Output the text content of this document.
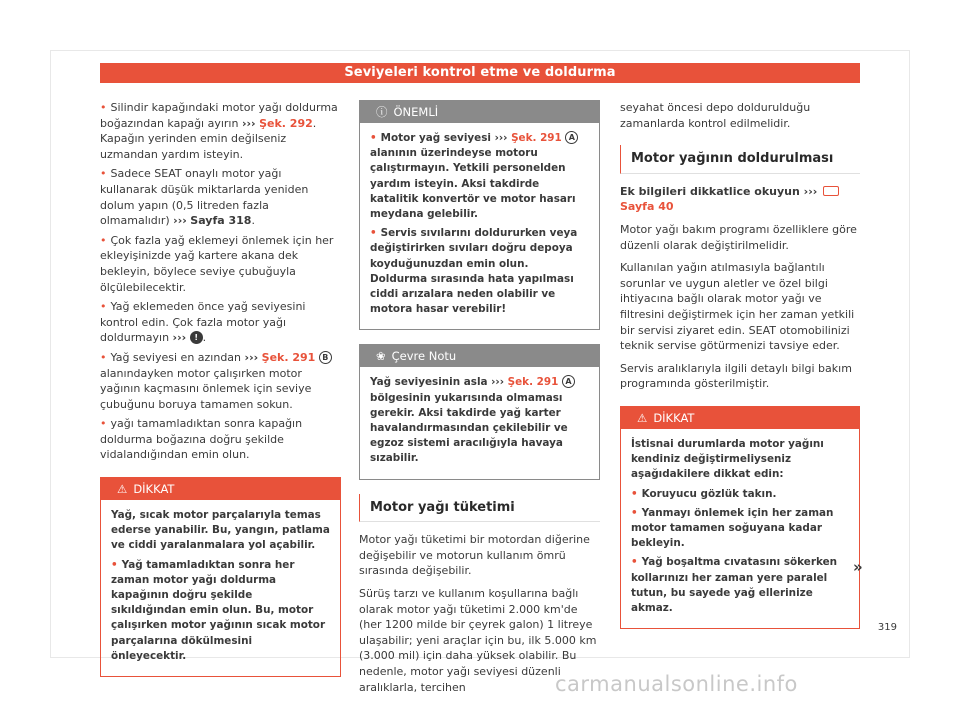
Seviyeleri kontrol etme ve doldurma
• Silindir kapağındaki motor yağı doldurma boğazından kapağı ayırın ››› Şek. 292. Kapağın yerinden emin değilseniz uzmandan yardım isteyin.
• Sadece SEAT onaylı motor yağı kullanarak düşük miktarlarda yeniden dolum yapın (0,5 litreden fazla olmamalıdır) ››› Sayfa 318.
• Çok fazla yağ eklemeyi önlemek için her ekleyişinizde yağ kartere akana dek bekleyin, böylece seviye çubuğuyla ölçülebilecektir.
• Yağ eklemeden önce yağ seviyesini kontrol edin. Çok fazla motor yağı doldurmayın ››› ! .
• Yağ seviyesi en azından ››› Şek. 291 B alanındayken motor çalışırken motor yağının kaçmasını önlemek için seviye çubuğunu boruya tamamen sokun.
• yağı tamamladıktan sonra kapağın doldurma boğazına doğru şekilde vidalandığından emin olun.
⚠ DİKKAT
Yağ, sıcak motor parçalarıyla temas ederse yanabilir. Bu, yangın, patlama ve ciddi yaralanmalara yol açabilir.
• Yağ tamamladıktan sonra her zaman motor yağı doldurma kapağının doğru şekilde sıkıldığından emin olun. Bu, motor çalışırken motor yağının sıcak motor parçalarına dökülmesini önleyecektir.
ⓘ ÖNEMLİ
• Motor yağ seviyesi ››› Şek. 291 A alanının üzerindeyse motoru çalıştırmayın. Yetkili personelden yardım isteyin. Aksi takdirde katalitik konvertör ve motor hasarı meydana gelebilir.
• Servis sıvılarını doldururken veya değiştirirken sıvıları doğru depoya koyduğunuzdan emin olun. Doldurma sırasında hata yapılması ciddi arızalara neden olabilir ve motora hasar verebilir!
❀ Çevre Notu
Yağ seviyesinin asla ››› Şek. 291 A bölgesinin yukarısında olmaması gerekir. Aksi takdirde yağ karter havalandırmasından çekilebilir ve egzoz sistemi aracılığıyla havaya sızabilir.
Motor yağı tüketimi
Motor yağı tüketimi bir motordan diğerine değişebilir ve motorun kullanım ömrü sırasında değişebilir.
Sürüş tarzı ve kullanım koşullarına bağlı olarak motor yağı tüketimi 2.000 km'de (her 1200 milde bir çeyrek galon) 1 litreye ulaşabilir; yeni araçlar için bu, ilk 5.000 km (3.000 mil) için daha yüksek olabilir. Bu nedenle, motor yağı seviyesi düzenli aralıklarla, tercihen
seyahat öncesi depo doldurulduğu zamanlarda kontrol edilmelidir.
Motor yağının doldurulması
Ek bilgileri dikkatlice okuyun ›››  Sayfa 40
Motor yağı bakım programı özelliklere göre düzenli olarak değiştirilmelidir.
Kullanılan yağın atılmasıyla bağlantılı sorunlar ve uygun aletler ve özel bilgi ihtiyacına bağlı olarak motor yağı ve filtresini değiştirmek için her zaman yetkili bir servisi ziyaret edin. SEAT otomobilinizi teknik servise götürmenizi tavsiye eder.
Servis aralıklarıyla ilgili detaylı bilgi bakım programında gösterilmiştir.
⚠ DİKKAT
İstisnai durumlarda motor yağını kendiniz değiştirmeliyseniz aşağıdakilere dikkat edin:
• Koruyucu gözlük takın.
• Yanmayı önlemek için her zaman motor tamamen soğuyana kadar bekleyin.
• Yağ boşaltma cıvatasını sökerken kollarınızı her zaman yere paralel tutun, bu sayede yağ ellerinize akmaz.
»
319
carmanualsonline.info
